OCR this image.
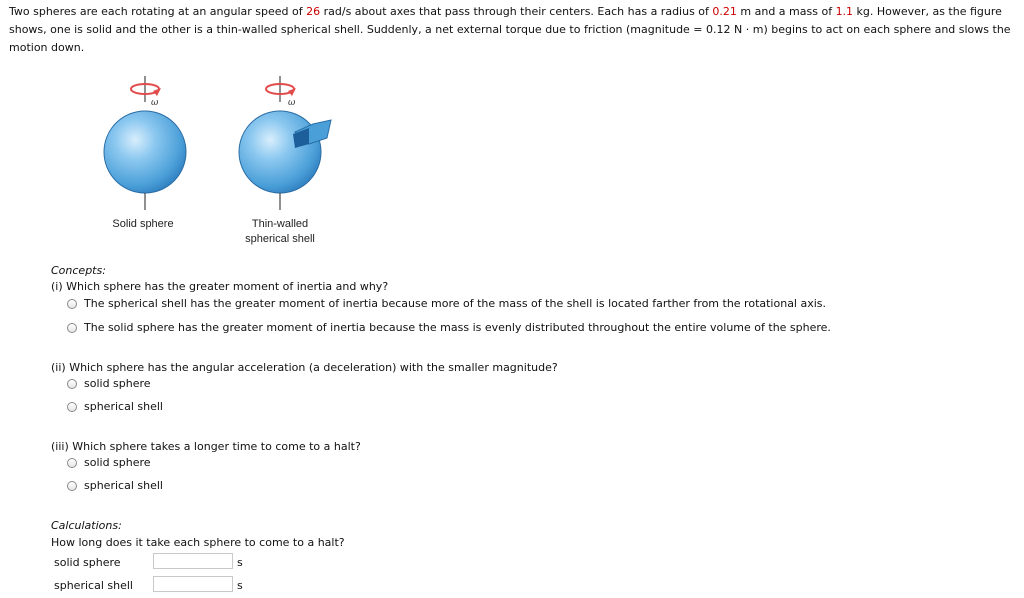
Two spheres are each rotating at an angular speed of 26 rad/s about axes that pass through their centers. Each has a radius of 0.21 m and a mass of 1.1 kg. However, as the figure shows, one is solid and the other is a thin-walled spherical shell. Suddenly, a net external torque due to friction (magnitude = 0.12 N · m) begins to act on each sphere and slows the motion down.
ω	ω
Solid sphere	Thin-walled
spherical shell
Concepts:
(i) Which sphere has the greater moment of inertia and why?
The spherical shell has the greater moment of inertia because more of the mass of the shell is located farther from the rotational axis.
The solid sphere has the greater moment of inertia because the mass is evenly distributed throughout the entire volume of the sphere.
(ii) Which sphere has the angular acceleration (a deceleration) with the smaller magnitude?
solid sphere
spherical shell
(iii) Which sphere takes a longer time to come to a halt?
solid sphere
spherical shell
Calculations:
How long does it take each sphere to come to a halt?
solid sphere	s
spherical shell	s
